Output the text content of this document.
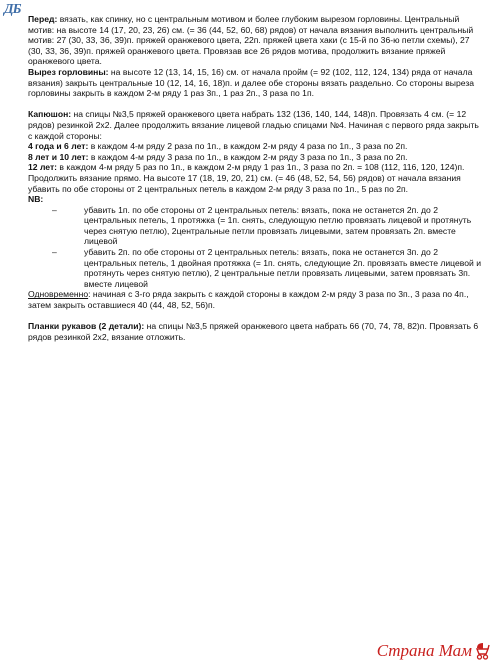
ДБ

Перед: вязать, как спинку, но с центральным мотивом и более глубоким вырезом горловины. Центральный мотив: на высоте 14 (17, 20, 23, 26) см. (= 36 (44, 52, 60, 68) рядов) от начала вязания выполнить центральный мотив: 27 (30, 33, 36, 39)п. пряжей оранжевого цвета, 22п. пряжей цвета хаки (с 15-й по 36-ю петли схемы), 27 (30, 33, 36, 39)п. пряжей оранжевого цвета. Провязав все 26 рядов мотива, продолжить вязание пряжей оранжевого цвета.

Вырез горловины: на высоте 12 (13, 14, 15, 16) см. от начала пройм (= 92 (102, 112, 124, 134) ряда от начала вязания) закрыть центральные 10 (12, 14, 16, 18)п. и далее обе стороны вязать раздельно. Со стороны выреза горловины закрыть в каждом 2-м ряду 1 раз 3п., 1 раз 2п., 3 раза по 1п.

Капюшон: на спицы №3,5 пряжей оранжевого цвета набрать 132 (136, 140, 144, 148)п. Провязать 4 см. (= 12 рядов) резинкой 2х2. Далее продолжить вязание лицевой гладью спицами №4. Начиная с первого ряда закрыть с каждой стороны:

4 года и 6 лет: в каждом 4-м ряду 2 раза по 1п., в каждом 2-м ряду 4 раза по 1п., 3 раза по 2п.

8 лет и 10 лет: в каждом 4-м ряду 3 раза по 1п., в каждом 2-м ряду 3 раза по 1п., 3 раза по 2п.

12 лет: в каждом 4-м ряду 5 раз по 1п., в каждом 2-м ряду 1 раз 1п., 3 раза по 2п. = 108 (112, 116, 120, 124)п. Продолжить вязание прямо. На высоте 17 (18, 19, 20, 21) см. (= 46 (48, 52, 54, 56) рядов) от начала вязания убавить по обе стороны от 2 центральных петель в каждом 2-м ряду 3 раза по 1п., 5 раз по 2п.

NB:

–	убавить 1п. по обе стороны от 2 центральных петель: вязать, пока не останется 2п. до 2 центральных петель, 1 протяжка (= 1п. снять, следующую петлю провязать лицевой и протянуть через снятую петлю), 2центральные петли провязать лицевыми, затем провязать 2п. вместе лицевой
–	убавить 2п. по обе стороны от 2 центральных петель: вязать, пока не останется 3п. до 2 центральных петель, 1 двойная протяжка (= 1п. снять, следующие 2п. провязать вместе лицевой и протянуть через снятую петлю), 2 центральные петли провязать лицевыми, затем провязать 3п. вместе лицевой

Одновременно: начиная с 3-го ряда закрыть с каждой стороны в каждом 2-м ряду 3 раза по 3п., 3 раза по 4п., затем закрыть оставшиеся 40 (44, 48, 52, 56)п.

Планки рукавов (2 детали): на спицы №3,5 пряжей оранжевого цвета набрать 66 (70, 74, 78, 82)п. Провязать 6 рядов резинкой 2х2, вязание отложить.

Страна Мам
